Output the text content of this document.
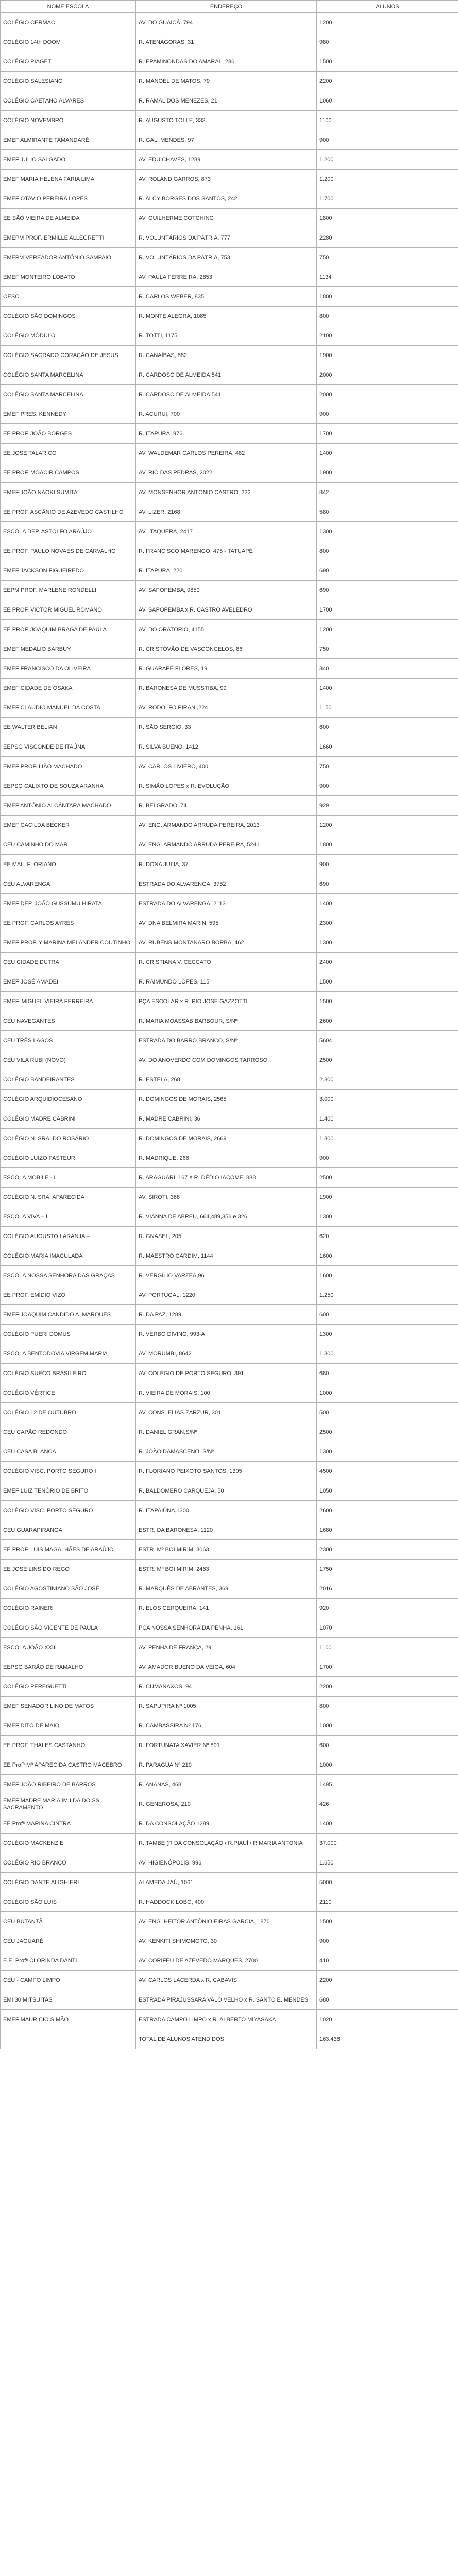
NOME ESCOLA	ENDEREÇO	ALUNOS
COLÉGIO CERMAC	AV. DO GUAICÁ, 794	1200
COLÉGIO 14th DOOM	R. ATENÁGORAS, 31	980
COLÉGIO PIAGET	R. EPAMINONDAS DO AMARAL, 286	1500
COLÉGIO SALESIANO	R. MANOEL DE MATOS, 79	2200
COLÉGIO CAETANO ALVARES	R. RAMAL DOS MENEZES, 21	1060
COLÉGIO NOVEMBRO	R. AUGUSTO TOLLE, 333	1100
EMEF ALMIRANTE TAMANDARÉ	R. GAL. MENDES, 97	900
EMEF JULIO SALGADO	AV. EDU CHAVES, 1289	1.200
EMEF MARIA HELENA FARIA LIMA	AV. ROLAND GARROS, 873	1.200
EMEF OTAVIO PEREIRA LOPES	R. ALCY BORGES DOS SANTOS, 242	1.700
EE SÃO VIEIRA DE ALMEIDA	AV. GUILHERME COTCHING	1800
EMEPM PROF. ERMILLE ALLEGRETTI	R. VOLUNTÁRIOS DA PÁTRIA, 777	2280
EMEPM VEREADOR ANTÔNIO SAMPAIO	R. VOLUNTÁRIOS DA PÁTRIA, 753	750
EMEF MONTEIRO LOBATO	AV. PAULA FERREIRA, 2853	1134
OESC	R. CARLOS WEBER, 835	1800
COLÉGIO SÃO DOMINGOS	R. MONTE ALEGRA, 1085	800
COLÉGIO MÓDULO	R. TOTTI, 1175	2100
COLÉGIO SAGRADO CORAÇÃO DE JESUS	R. CANAÍBAS, 882	1900
COLÉGIO SANTA MARCELINA	R. CARDOSO DE ALMEIDA,541	2000
COLÉGIO SANTA MARCELINA	R. CARDOSO DE ALMEIDA,541	2000
EMEF PRES. KENNEDY	R. ACURUI, 700	900
EE PROF. JOÃO BORGES	R. ITAPURA, 976	1700
EE JOSÉ TALARICO	AV. WALDEMAR CARLOS PEREIRA, 482	1400
EE PROF. MOACIR CAMPOS	AV. RIO DAS PEDRAS, 2022	1900
EMEF JOÃO NAOKI SUMITA	AV. MONSENHOR ANTÔNIO CASTRO, 222	842
EE PROF. ASCÂNIO DE AZEVEDO CASTILHO	AV. LIZER, 2168	580
ESCOLA DEP. ASTOLFO ARAÚJO	AV. ITAQUERA, 2417	1300
EE PROF. PAULO NOVAES DE CARVALHO	R. FRANCISCO MARENGO, 475 - TATUAPÉ	800
EMEF JACKSON FIGUEIREDO	R. ITAPURA, 220	690
EEPM PROF. MARLENE RONDELLI	AV. SAPOPEMBA, 9850	690
EE PROF. VICTOR MIGUEL ROMANO	AV. SAPOPEMBA x R. CASTRO AVELEDRO	1700
EE PROF. JOAQUIM BRAGA DE PAULA	AV. DO ORATÓRIO, 4155	1200
EMEF MÉDALIO BARBUY	R. CRISTÓVÃO DE VASCONCELOS, 86	750
EMEF FRANCISCO DA OLIVEIRA	R. GUARAPÉ FLORES, 19	340
EMEF CIDADE DE OSAKA	R. BARONESA DE MUSSTIBA, 99	1400
EMEF CLAUDIO MANUEL DA COSTA	AV. RODOLFO PIRANI,224	1150
EE WALTER BELIAN	R. SÃO SERGIO, 33	600
EEPSG VISCONDE DE ITAÚNA	R. SILVA BUENO, 1412	1660
EMEF PROF. LIÃO MACHADO	AV. CARLOS LIVIERO, 400	750
EEPSG CALIXTO DE SOUZA ARANHA	R. SIMÃO LOPES x R. EVOLUÇÃO	900
EMEF ANTÔNIO ALCÂNTARA MACHADO	R. BELGRADO, 74	929
EMEF CACILDA BECKER	AV. ENG. ARMANDO ARRUDA PEREIRA, 2013	1200
CEU CAMINHO DO MAR	AV. ENG. ARMANDO ARRUDA PEREIRA, 5241	1800
EE MAL. FLORIANO	R. DONA JÚLIA, 37	900
CEU ALVARENGA	ESTRADA DO ALVARENGA, 3752	690
EMEF DEP. JOÃO GUSSUMU HIRATA	ESTRADA DO ALVARENGA, 2113	1400
EE PROF. CARLOS AYRES	AV. DNA BELMIRA MARIN, 595	2300
EMEF PROF. Y MARINA MELANDER COUTINHO	AV. RUBENS MONTANARO BORBA, 462	1300
CEU CIDADE DUTRA	R. CRISTIANA V. CECCATO	2400
EMEF JOSÉ AMADEI	R. RAIMUNDO LOPES, 115	1500
EMEF. MIGUEL VIEIRA FERREIRA	PÇA ESCOLAR x R. PIO JOSÉ GAZZOTTI	1500
CEU NAVEGANTES	R. MARIA MOASSAB BARBOUR, S/Nº	2600
CEU TRÊS LAGOS	ESTRADA DO BARRO BRANCO, S/Nº	5604
CEU VILA RUBI (NOVO)	AV. DO ANOVERDO COM DOMINGOS TARROSO,	2500
COLÉGIO BANDEIRANTES	R. ESTELA, 268	2.800
COLÉGIO ARQUIDIOCESANO	R. DOMINGOS DE MORAIS, 2565	3.000
COLÉGIO MADRE CABRINI	R. MADRE CABRINI, 36	1.400
COLÉGIO N. SRA. DO ROSÁRIO	R. DOMINGOS DE MORAIS, 2669	1.300
COLÉGIO LUIZO PASTEUR	R. MADRIQUE, 266	900
ESCOLA MOBILE - I	R. ARAGUARI, 167 e R. DÉDIO IACOME, 888	2500
COLÉGIO N. SRA. APARECIDA	AV. SIROTI, 368	1900
ESCOLA VIVA – I	R. VIANNA DE ABREU, 664,489,356 e 326	1300
COLÉGIO AUGUSTO LARANJA – I	R. GNASEL, 205	620
COLÉGIO MARIA IMACULADA	R. MAESTRO CARDIM, 1144	1600
ESCOLA NOSSA SENHORA DAS GRAÇAS	R. VERGÍLIO VARZEA,96	1600
EE PROF. EMÍDIO VIZO	AV. PORTUGAL, 1220	1.250
EMEF JOAQUIM CANDIDO A. MARQUES	R. DA PAZ, 1289	600
COLÉGIO PUERI DOMUS	R. VERBO DIVINO, 993-A	1300
ESCOLA BENTODOVIA VIRGEM MARIA	AV. MORUMBI, 8642	1.300
COLÉGIO SUECO BRASILEIRO	AV. COLÉGIO DE PORTO SEGURO, 391	680
COLÉGIO VÉRTICE	R. VIEIRA DE MORAIS, 100	1000
COLÉGIO 12 DE OUTUBRO	AV. CONS. ELIAS ZARZUR, 301	500
CEU CAPÃO REDONDO	R. DANIEL GRAN,S/Nº	2500
CEU CASA BLANCA	R. JOÃO DAMASCENO, S/Nº	1300
COLÉGIO VISC. PORTO SEGURO I	R. FLORIANO PEIXOTO SANTOS, 1305	4500
EMEF LUIZ TENÓRIO DE BRITO	R. BALDOMERO CARQUEJA, 50	1050
COLÉGIO VISC. PORTO SEGURO	R. ITAPAIÚNA,1300	2600
CEU GUARAPIRANGA	ESTR. DA BARONESA, 1120	1680
EE PROF. LUIS MAGALHÃES DE ARAÚJO	ESTR. Mº BOI MIRIM, 3063	2300
EE JOSÉ LINS DO REGO	ESTR. Mº BOI MIRIM, 2463	1750
COLÉGIO AGOSTINIANO SÃO JOSÉ	R. MARQUÊS DE ABRANTES, 369	2016
COLÉGIO RAINERI	R. ELOS CERQUEIRA, 141	920
COLÉGIO SÃO VICENTE DE PAULA	PÇA NOSSA SENHORA DA PENHA, 161	1070
ESCOLA JOÃO XXIII	AV. PENHA DE FRANÇA, 29	1100
EEPSG BARÃO DE RAMALHO	AV. AMADOR BUENO DA VEIGA, 604	1700
COLÉGIO PEREGUETTI	R. CUMANAXOS, 94	2200
EMEF SENADOR LINO DE MATOS	R. SAPUPIRA Nº 1005	800
EMEF DITO DE MAIO	R. CAMBASSIRA Nº 176	1000
EE PROF. THALES CASTANHO	R. FORTUNATA XAVIER Nº 891	600
EE Profª Mª APARECIDA CASTRO MACEBRO	R. PARAGUA Nº 210	1000
EMEF JOÃO RIBEIRO DE BARROS	R. ANANAS, 468	1495
EMEF MADRE MARIA IMILDA DO SS SACRAMENTO	R. GENEROSA, 210	426
EE Profª MARINA CINTRA	R. DA CONSOLAÇÃO 1289	1400
COLÉGIO MACKENZIE	R.ITAMBÉ (R DA CONSOLAÇÃO / R.PIAUÍ / R MARIA ANTONIA	37.000
COLÉGIO RIO BRANCO	AV. HIGIENÓPOLIS, 996	1.650
COLÉGIO DANTE ALIGHIERI	ALAMEDA JAÚ, 1061	5000
COLÉGIO SÃO LUIS	R. HADDOCK LOBO, 400	2110
CEU BUTANTÃ	AV. ENG. HEITOR ANTÔNIO EIRAS GARCIA, 1870	1500
CEU JAGUARÉ	AV. KENKITI SHIMOMOTO, 30	900
E.E. Profª CLORINDA DANTI	AV. CORIFEU DE AZEVEDO MARQUES, 2700	410
CEU - CAMPO LIMPO	AV. CARLOS LACERDA x R. CABAVIS	2200
EMI 30 MITSUITAS	ESTRADA PIRAJUSSARA VALO VELHO x R. SANTO E. MENDES	680
EMEF MAURICIO SIMÃO	ESTRADA CAMPO LIMPO x R. ALBERTO MIYASAKA	1020
	TOTAL DE ALUNOS ATENDIDOS	163.438
